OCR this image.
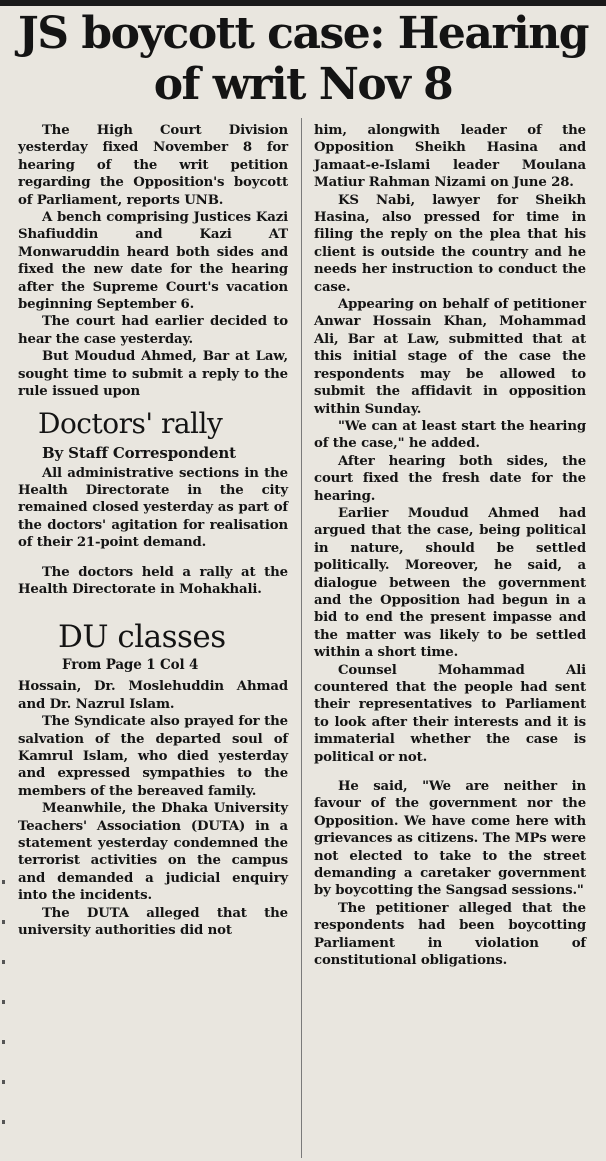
JS boycott case: Hearing
of writ Nov 8

The High Court Division yesterday fixed November 8 for hearing of the writ petition regarding the Opposition's boycott of Parliament, reports UNB.

A bench comprising Justices Kazi Shafiuddin and Kazi AT Monwaruddin heard both sides and fixed the new date for the hearing after the Supreme Court's vacation beginning September 6.

The court had earlier decided to hear the case yesterday.

But Moudud Ahmed, Bar at Law, sought time to submit a reply to the rule issued upon

Doctors' rally
By Staff Correspondent

All administrative sections in the Health Directorate in the city remained closed yesterday as part of the doctors' agitation for realisation of their 21-point demand.

The doctors held a rally at the Health Directorate in Mohakhali.

DU classes
From Page 1 Col 4

Hossain, Dr. Moslehuddin Ahmad and Dr. Nazrul Islam.

The Syndicate also prayed for the salvation of the departed soul of Kamrul Islam, who died yesterday and expressed sympathies to the members of the bereaved family.

Meanwhile, the Dhaka University Teachers' Association (DUTA) in a statement yesterday condemned the terrorist activities on the campus and demanded a judicial enquiry into the incidents.

The DUTA alleged that the university authorities did not

him, alongwith leader of the Opposition Sheikh Hasina and Jamaat-e-Islami leader Moulana Matiur Rahman Nizami on June 28.

KS Nabi, lawyer for Sheikh Hasina, also pressed for time in filing the reply on the plea that his client is outside the country and he needs her instruction to conduct the case.

Appearing on behalf of petitioner Anwar Hossain Khan, Mohammad Ali, Bar at Law, submitted that at this initial stage of the case the respondents may be allowed to submit the affidavit in opposition within Sunday.

"We can at least start the hearing of the case," he added.

After hearing both sides, the court fixed the fresh date for the hearing.

Earlier Moudud Ahmed had argued that the case, being political in nature, should be settled politically. Moreover, he said, a dialogue between the government and the Opposition had begun in a bid to end the present impasse and the matter was likely to be settled within a short time.

Counsel Mohammad Ali countered that the people had sent their representatives to Parliament to look after their interests and it is immaterial whether the case is political or not.

He said, "We are neither in favour of the government nor the Opposition. We have come here with grievances as citizens. The MPs were not elected to take to the street demanding a caretaker government by boycotting the Sangsad sessions."

The petitioner alleged that the respondents had been boycotting Parliament in violation of constitutional obligations.
